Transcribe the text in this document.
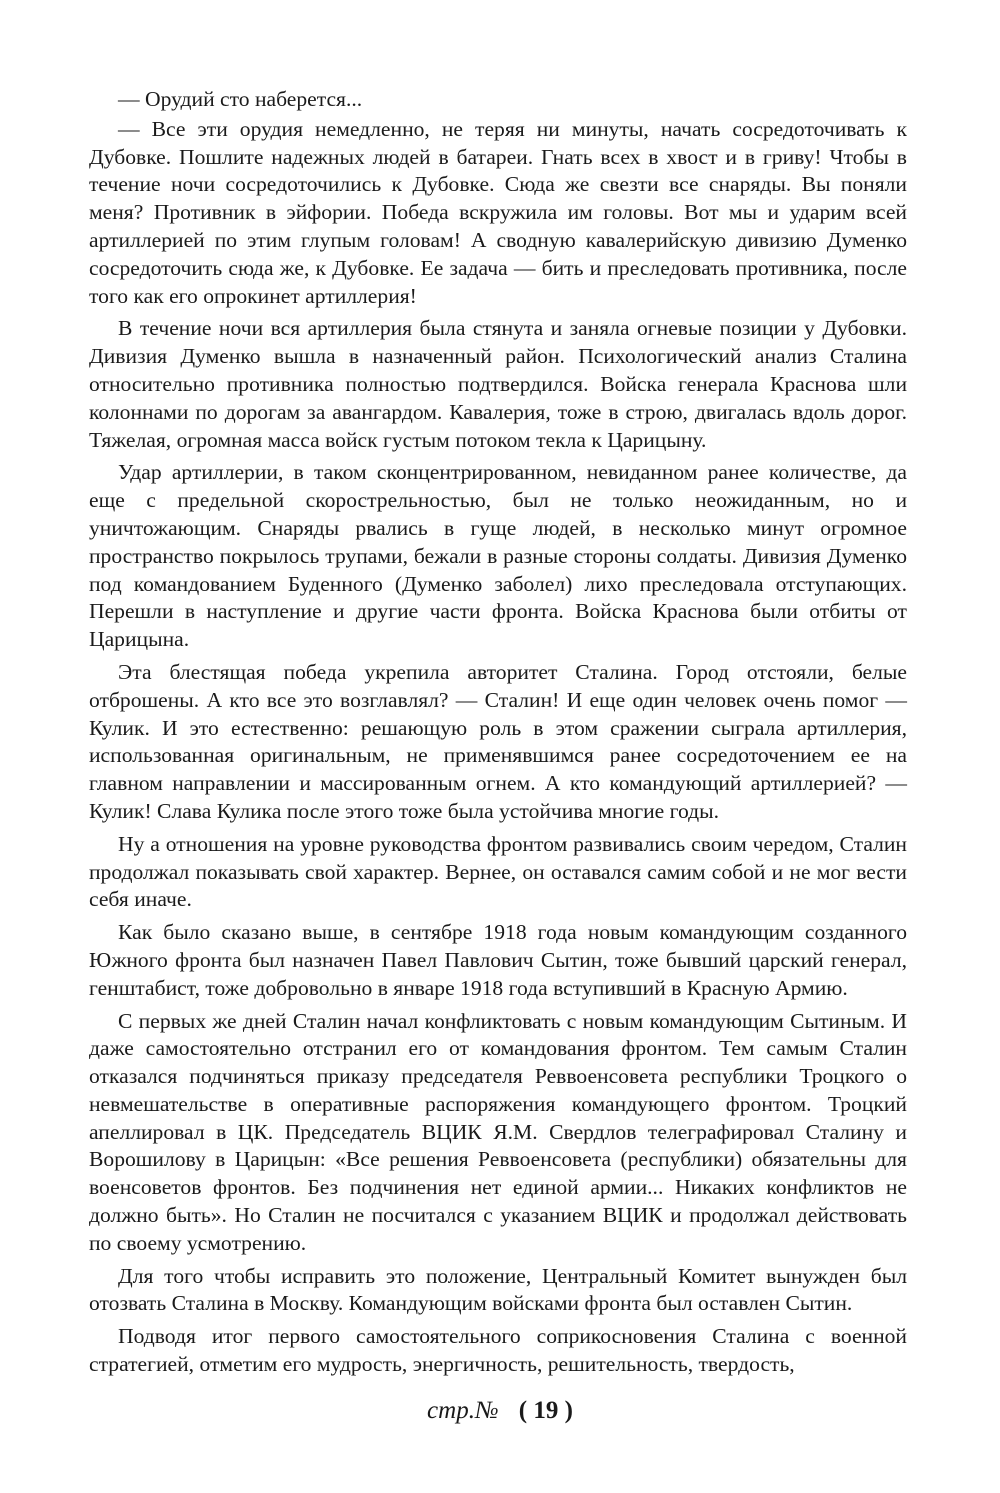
— Орудий сто наберется...

— Все эти орудия немедленно, не теряя ни минуты, начать сосредоточивать к Дубовке. Пошлите надежных людей в батареи. Гнать всех в хвост и в гриву! Чтобы в течение ночи сосредоточились к Дубовке. Сюда же свезти все снаряды. Вы поняли меня? Противник в эйфории. Победа вскружила им головы. Вот мы и ударим всей артиллерией по этим глупым головам! А сводную кавалерийскую дивизию Думенко сосредоточить сюда же, к Дубовке. Ее задача — бить и преследовать противника, после того как его опрокинет артиллерия!

В течение ночи вся артиллерия была стянута и заняла огневые позиции у Дубовки. Дивизия Думенко вышла в назначенный район. Психологический анализ Сталина относительно противника полностью подтвердился. Войска генерала Краснова шли колоннами по дорогам за авангардом. Кавалерия, тоже в строю, двигалась вдоль дорог. Тяжелая, огромная масса войск густым потоком текла к Царицыну.

Удар артиллерии, в таком сконцентрированном, невиданном ранее количестве, да еще с предельной скорострельностью, был не только неожиданным, но и уничтожающим. Снаряды рвались в гуще людей, в несколько минут огромное пространство покрылось трупами, бежали в разные стороны солдаты. Дивизия Думенко под командованием Буденного (Думенко заболел) лихо преследовала отступающих. Перешли в наступление и другие части фронта. Войска Краснова были отбиты от Царицына.

Эта блестящая победа укрепила авторитет Сталина. Город отстояли, белые отброшены. А кто все это возглавлял? — Сталин! И еще один человек очень помог — Кулик. И это естественно: решающую роль в этом сражении сыграла артиллерия, использованная оригинальным, не применявшимся ранее сосредоточением ее на главном направлении и массированным огнем. А кто командующий артиллерией? — Кулик! Слава Кулика после этого тоже была устойчива многие годы.

Ну а отношения на уровне руководства фронтом развивались своим чередом, Сталин продолжал показывать свой характер. Вернее, он оставался самим собой и не мог вести себя иначе.

Как было сказано выше, в сентябре 1918 года новым командующим созданного Южного фронта был назначен Павел Павлович Сытин, тоже бывший царский генерал, генштабист, тоже добровольно в январе 1918 года вступивший в Красную Армию.

С первых же дней Сталин начал конфликтовать с новым командующим Сытиным. И даже самостоятельно отстранил его от командования фронтом. Тем самым Сталин отказался подчиняться приказу председателя Реввоенсовета республики Троцкого о невмешательстве в оперативные распоряжения командующего фронтом. Троцкий апеллировал в ЦК. Председатель ВЦИК Я.М. Свердлов телеграфировал Сталину и Ворошилову в Царицын: «Все решения Реввоенсовета (республики) обязательны для военсоветов фронтов. Без подчинения нет единой армии... Никаких конфликтов не должно быть». Но Сталин не посчитался с указанием ВЦИК и продолжал действовать по своему усмотрению.

Для того чтобы исправить это положение, Центральный Комитет вынужден был отозвать Сталина в Москву. Командующим войсками фронта был оставлен Сытин.

Подводя итог первого самостоятельного соприкосновения Сталина с военной стратегией, отметим его мудрость, энергичность, решительность, твердость,

стр.№ ( 19 )
